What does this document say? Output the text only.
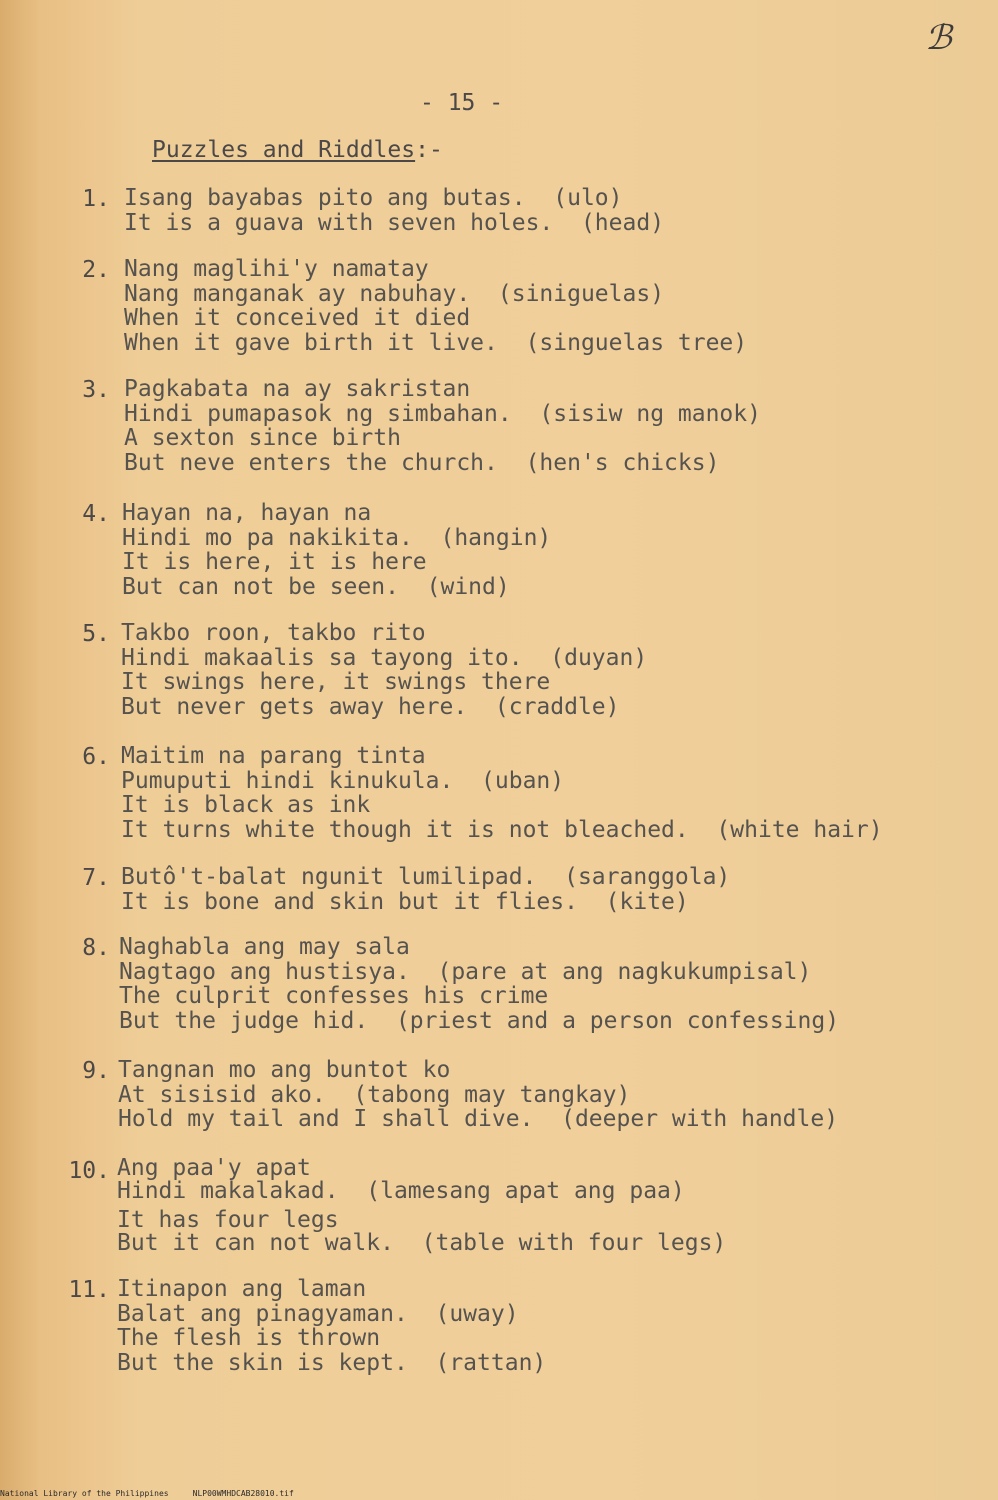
ℬ
- 15 -
Puzzles and Riddles:-
1. Isang bayabas pito ang butas.  (ulo)
It is a guava with seven holes.  (head)
2. Nang maglihi'y namatay
Nang manganak ay nabuhay.  (siniguelas)
When it conceived it died
When it gave birth it live.  (singuelas tree)
3. Pagkabata na ay sakristan
Hindi pumapasok ng simbahan.  (sisiw ng manok)
A sexton since birth
But neve enters the church.  (hen's chicks)
4. Hayan na, hayan na
Hindi mo pa nakikita.  (hangin)
It is here, it is here
But can not be seen.  (wind)
5. Takbo roon, takbo rito
Hindi makaalis sa tayong ito.  (duyan)
It swings here, it swings there
But never gets away here.  (craddle)
6. Maitim na parang tinta
Pumuputi hindi kinukula.  (uban)
It is black as ink
It turns white though it is not bleached.  (white hair)
7. Butô't-balat ngunit lumilipad.  (saranggola)
It is bone and skin but it flies.  (kite)
8. Naghabla ang may sala
Nagtago ang hustisya.  (pare at ang nagkukumpisal)
The culprit confesses his crime
But the judge hid.  (priest and a person confessing)
9. Tangnan mo ang buntot ko
At sisisid ako.  (tabong may tangkay)
Hold my tail and I shall dive.  (deeper with handle)
10. Ang paa'y apat
Hindi makalakad.  (lamesang apat ang paa)
It has four legs
But it can not walk.  (table with four legs)
11. Itinapon ang laman
Balat ang pinagyaman.  (uway)
The flesh is thrown
But the skin is kept.  (rattan)
National Library of the Philippines     NLP00WMHDCAB28010.tif
